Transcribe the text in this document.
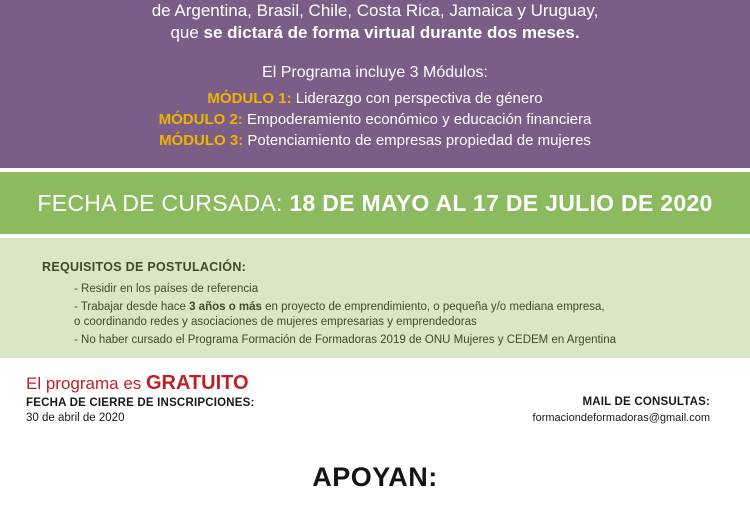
de Argentina, Brasil, Chile, Costa Rica, Jamaica y Uruguay,
que se dictará de forma virtual durante dos meses.
El Programa incluye 3 Módulos:
MÓDULO 1: Liderazgo con perspectiva de género
MÓDULO 2: Empoderamiento económico y educación financiera
MÓDULO 3: Potenciamiento de empresas propiedad de mujeres
FECHA DE CURSADA: 18 DE MAYO AL 17 DE JULIO DE 2020
REQUISITOS DE POSTULACIÓN:
- Residir en los países de referencia
- Trabajar desde hace 3 años o más en proyecto de emprendimiento, o pequeña y/o mediana empresa,
o coordinando redes y asociaciones de mujeres empresarias y emprendedoras
- No haber cursado el Programa Formación de Formadoras 2019 de ONU Mujeres y CEDEM en Argentina
El programa es GRATUITO
FECHA DE CIERRE DE INSCRIPCIONES:
30 de abril de 2020
MAIL DE CONSULTAS:
formaciondeformadoras@gmail.com
APOYAN:
